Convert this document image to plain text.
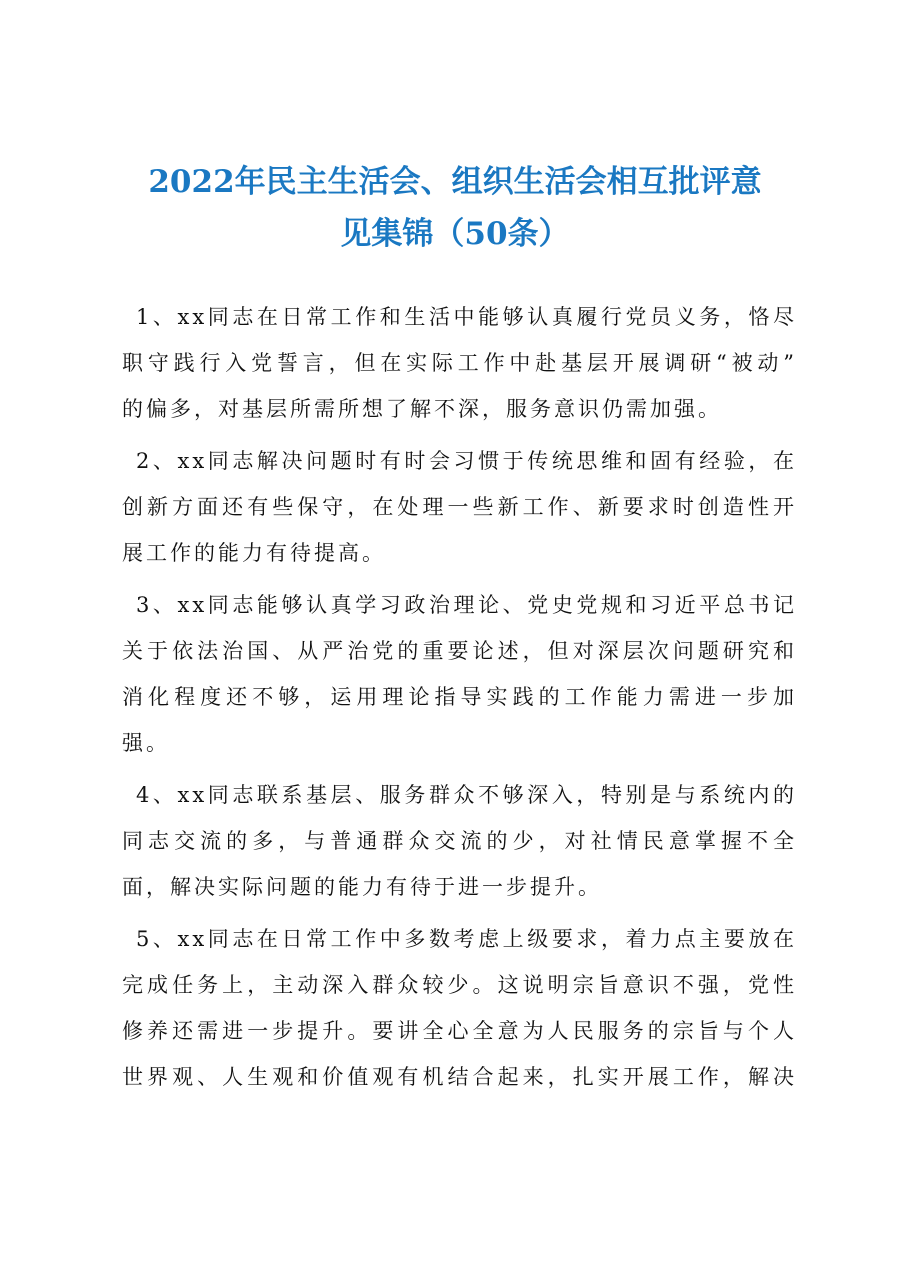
2022年民主生活会、组织生活会相互批评意
见集锦（50条）

1、xx同志在日常工作和生活中能够认真履行党员义务，恪尽
职守践行入党誓言，但在实际工作中赴基层开展调研“被动”
的偏多，对基层所需所想了解不深，服务意识仍需加强。

2、xx同志解决问题时有时会习惯于传统思维和固有经验，在
创新方面还有些保守，在处理一些新工作、新要求时创造性开
展工作的能力有待提高。

3、xx同志能够认真学习政治理论、党史党规和习近平总书记
关于依法治国、从严治党的重要论述，但对深层次问题研究和
消化程度还不够，运用理论指导实践的工作能力需进一步加
强。

4、xx同志联系基层、服务群众不够深入，特别是与系统内的
同志交流的多，与普通群众交流的少，对社情民意掌握不全
面，解决实际问题的能力有待于进一步提升。

5、xx同志在日常工作中多数考虑上级要求，着力点主要放在
完成任务上，主动深入群众较少。这说明宗旨意识不强，党性
修养还需进一步提升。要讲全心全意为人民服务的宗旨与个人
世界观、人生观和价值观有机结合起来，扎实开展工作，解决
